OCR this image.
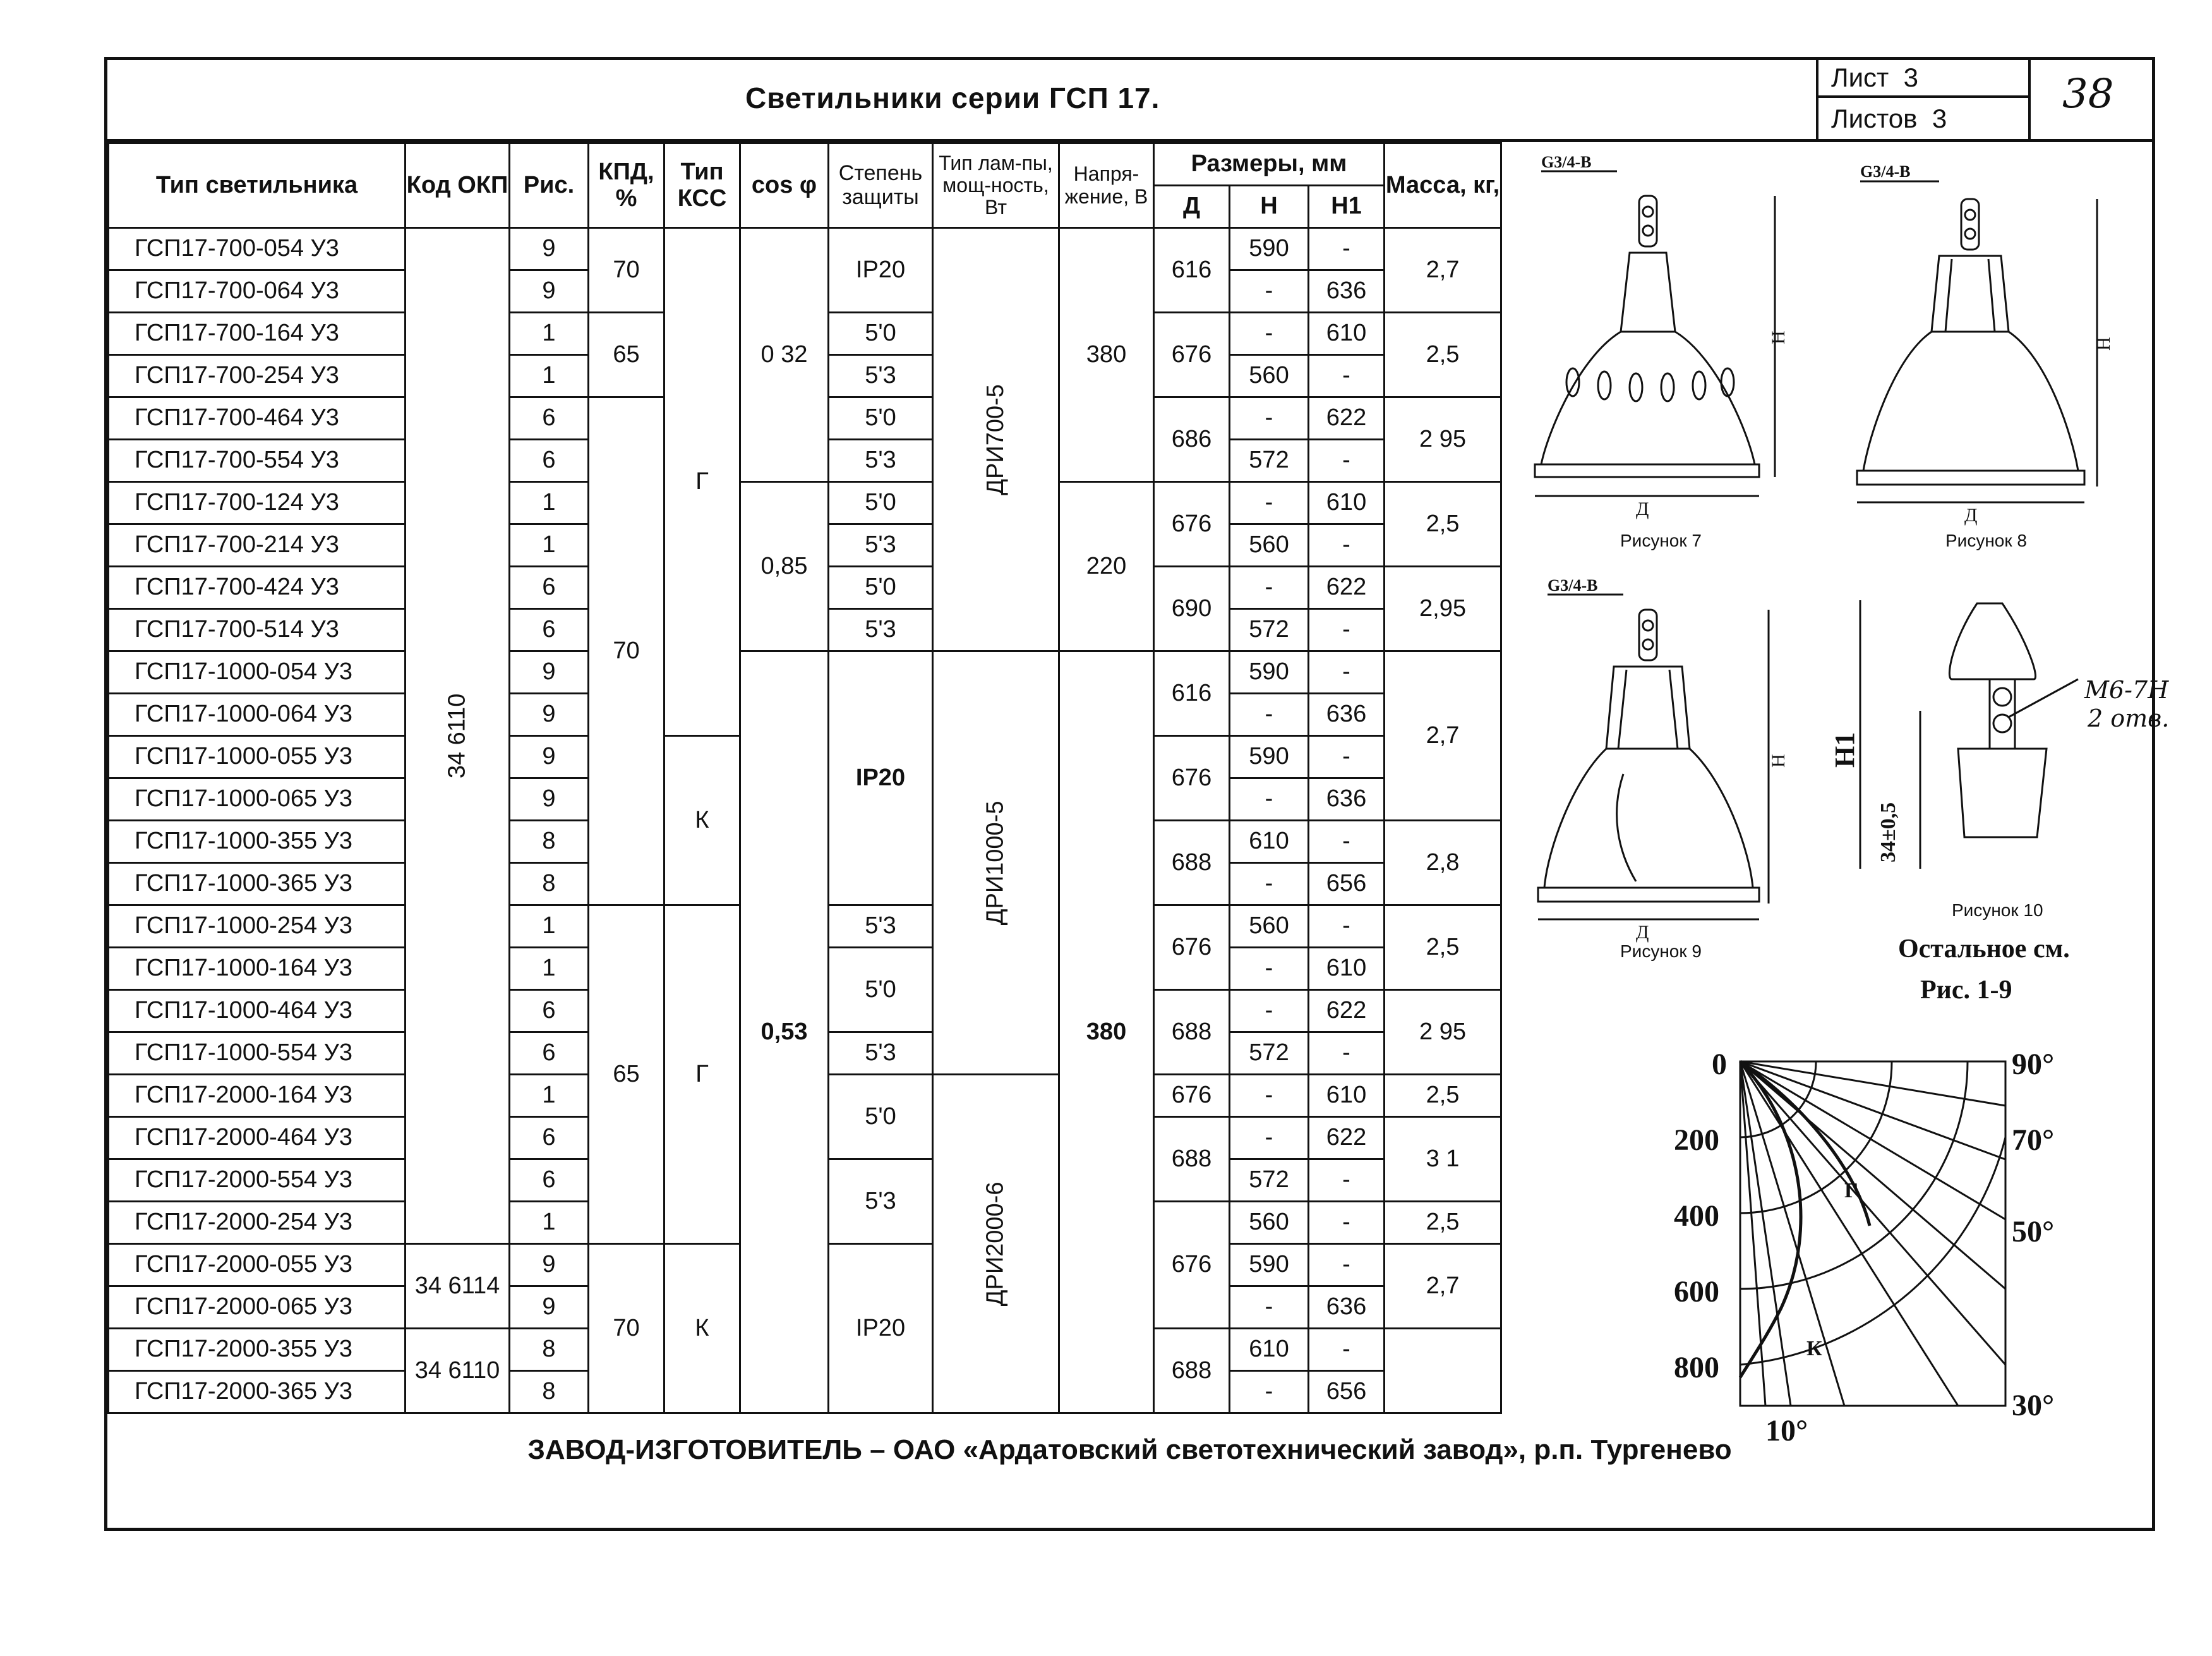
Светильники серии ГСП 17.
Лист 3
Листов 3
38
Тип светильника	Код ОКП	Рис.	КПД, %	Тип КСС	cos φ	Степень защиты	Тип лам-пы, мощ-ность, Вт	Напря-жение, В	Размеры, мм			Масса, кг,
									Д	Н	Н1	
ГСП17-700-054 У3	34 6110	9	70	Г	0 32	IP20	ДРИ700-5	380	616	590	-	2,7
ГСП17-700-064 У3		9								-	636	
ГСП17-700-164 У3		1	65			5'0			676	-	610	2,5
ГСП17-700-254 У3		1				5'3				560	-	
ГСП17-700-464 У3		6	70			5'0			686	-	622	2 95
ГСП17-700-554 У3		6				5'3				572	-	
ГСП17-700-124 У3		1			0,85	5'0		220	676	-	610	2,5
ГСП17-700-214 У3		1				5'3				560	-	
ГСП17-700-424 У3		6				5'0			690	-	622	2,95
ГСП17-700-514 У3		6				5'3				572	-	
ГСП17-1000-054 У3		9			0,53	IP20	ДРИ1000-5	380	616	590	-	2,7
ГСП17-1000-064 У3		9								-	636	
ГСП17-1000-055 У3		9		К					676	590	-	
ГСП17-1000-065 У3		9								-	636	
ГСП17-1000-355 У3		8							688	610	-	2,8
ГСП17-1000-365 У3		8								-	656	
ГСП17-1000-254 У3		1	65	Г		5'3			676	560	-	2,5
ГСП17-1000-164 У3		1				5'0				-	610	
ГСП17-1000-464 У3		6							688	-	622	2 95
ГСП17-1000-554 У3		6				5'3				572	-	
ГСП17-2000-164 У3		1				5'0	ДРИ2000-6		676	-	610	2,5
ГСП17-2000-464 У3		6							688	-	622	3 1
ГСП17-2000-554 У3		6				5'3				572	-	
ГСП17-2000-254 У3		1							676	560	-	2,5
ГСП17-2000-055 У3	34 6114	9	70	К		IP20				590	-	2,7
ГСП17-2000-065 У3		9								-	636	
ГСП17-2000-355 У3	34 6110	8							688	610	-	
ГСП17-2000-365 У3		8								-	656	
G3/4-B
Д
Н
G3/4-B
Д
Н
G3/4-B
Д
Н
М6-7Н
2 отв.
34±0,5
Н1
Рисунок 7	Рисунок 8
Рисунок 9
Рисунок 10
Остальное см.
Рис. 1-9
0
200
400
600
800
90°
70°
50°
30°
10°
Г
К
ЗАВОД-ИЗГОТОВИТЕЛЬ – ОАО «Ардатовский светотехнический завод», р.п. Тургенево
